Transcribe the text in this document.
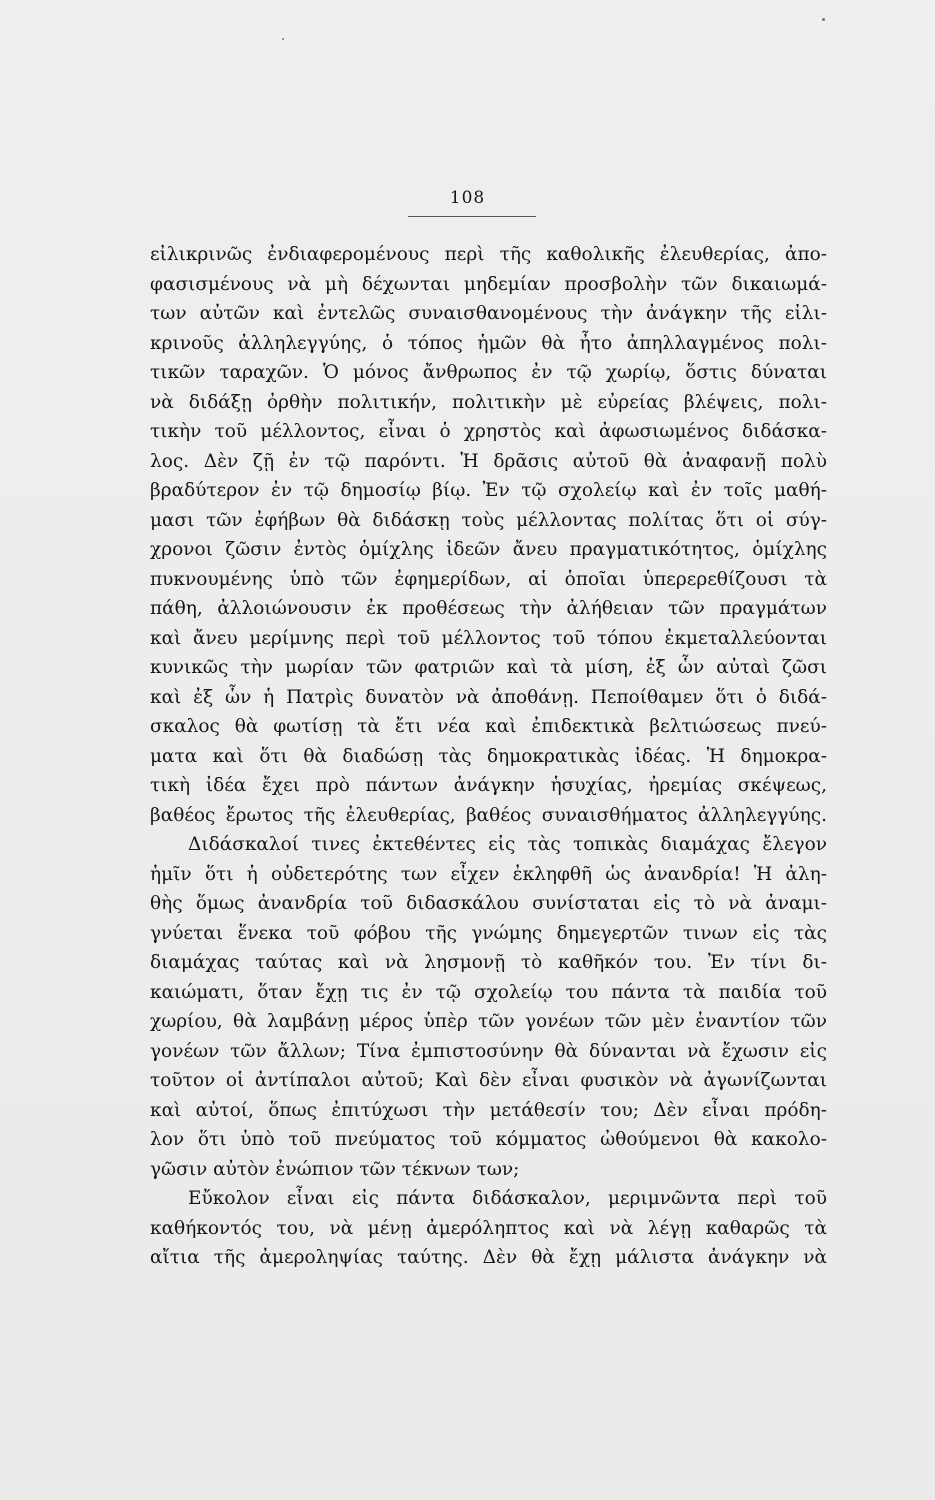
108
εἰλικρινῶς ἐνδιαφερομένους περὶ τῆς καθολικῆς ἐλευθερίας, ἀπο-
φασισμένους νὰ μὴ δέχωνται μηδεμίαν προσβολὴν τῶν δικαιωμά-
των αὐτῶν καὶ ἐντελῶς συναισθανομένους τὴν ἀνάγκην τῆς εἰλι-
κρινοῦς ἀλληλεγγύης, ὁ τόπος ἡμῶν θὰ ἦτο ἀπηλλαγμένος πολι-
τικῶν ταραχῶν. Ὁ μόνος ἄνθρωπος ἐν τῷ χωρίῳ, ὅστις δύναται
νὰ διδάξῃ ὀρθὴν πολιτικήν, πολιτικὴν μὲ εὐρείας βλέψεις, πολι-
τικὴν τοῦ μέλλοντος, εἶναι ὁ χρηστὸς καὶ ἀφωσιωμένος διδάσκα-
λος. Δὲν ζῇ ἐν τῷ παρόντι. Ἡ δρᾶσις αὐτοῦ θὰ ἀναφανῇ πολὺ
βραδύτερον ἐν τῷ δημοσίῳ βίῳ. Ἐν τῷ σχολείῳ καὶ ἐν τοῖς μαθή-
μασι τῶν ἐφήβων θὰ διδάσκῃ τοὺς μέλλοντας πολίτας ὅτι οἱ σύγ-
χρονοι ζῶσιν ἐντὸς ὁμίχλης ἰδεῶν ἄνευ πραγματικότητος, ὁμίχλης
πυκνουμένης ὑπὸ τῶν ἐφημερίδων, αἱ ὁποῖαι ὑπερερεθίζουσι τὰ
πάθη, ἀλλοιώνουσιν ἐκ προθέσεως τὴν ἀλήθειαν τῶν πραγμάτων
καὶ ἄνευ μερίμνης περὶ τοῦ μέλλοντος τοῦ τόπου ἐκμεταλλεύονται
κυνικῶς τὴν μωρίαν τῶν φατριῶν καὶ τὰ μίση, ἐξ ὧν αὐταὶ ζῶσι
καὶ ἐξ ὧν ἡ Πατρὶς δυνατὸν νὰ ἀποθάνῃ. Πεποίθαμεν ὅτι ὁ διδά-
σκαλος θὰ φωτίσῃ τὰ ἔτι νέα καὶ ἐπιδεκτικὰ βελτιώσεως πνεύ-
ματα καὶ ὅτι θὰ διαδώσῃ τὰς δημοκρατικὰς ἰδέας. Ἡ δημοκρα-
τικὴ ἰδέα ἔχει πρὸ πάντων ἀνάγκην ἡσυχίας, ἠρεμίας σκέψεως,
βαθέος ἔρωτος τῆς ἐλευθερίας, βαθέος συναισθήματος ἀλληλεγγύης.
Διδάσκαλοί τινες ἐκτεθέντες εἰς τὰς τοπικὰς διαμάχας ἔλεγον
ἡμῖν ὅτι ἡ οὐδετερότης των εἶχεν ἐκληφθῆ ὡς ἀνανδρία! Ἡ ἀλη-
θὴς ὅμως ἀνανδρία τοῦ διδασκάλου συνίσταται εἰς τὸ νὰ ἀναμι-
γνύεται ἕνεκα τοῦ φόβου τῆς γνώμης δημεγερτῶν τινων εἰς τὰς
διαμάχας ταύτας καὶ νὰ λησμονῇ τὸ καθῆκόν του. Ἐν τίνι δι-
καιώματι, ὅταν ἔχῃ τις ἐν τῷ σχολείῳ του πάντα τὰ παιδία τοῦ
χωρίου, θὰ λαμβάνῃ μέρος ὑπὲρ τῶν γονέων τῶν μὲν ἐναντίον τῶν
γονέων τῶν ἄλλων; Τίνα ἐμπιστοσύνην θὰ δύνανται νὰ ἔχωσιν εἰς
τοῦτον οἱ ἀντίπαλοι αὐτοῦ; Καὶ δὲν εἶναι φυσικὸν νὰ ἀγωνίζωνται
καὶ αὐτοί, ὅπως ἐπιτύχωσι τὴν μετάθεσίν του; Δὲν εἶναι πρόδη-
λον ὅτι ὑπὸ τοῦ πνεύματος τοῦ κόμματος ὠθούμενοι θὰ κακολο-
γῶσιν αὐτὸν ἐνώπιον τῶν τέκνων των;
Εὔκολον εἶναι εἰς πάντα διδάσκαλον, μεριμνῶντα περὶ τοῦ
καθήκοντός του, νὰ μένῃ ἀμερόληπτος καὶ νὰ λέγῃ καθαρῶς τὰ
αἴτια τῆς ἀμεροληψίας ταύτης. Δὲν θὰ ἔχῃ μάλιστα ἀνάγκην νὰ
